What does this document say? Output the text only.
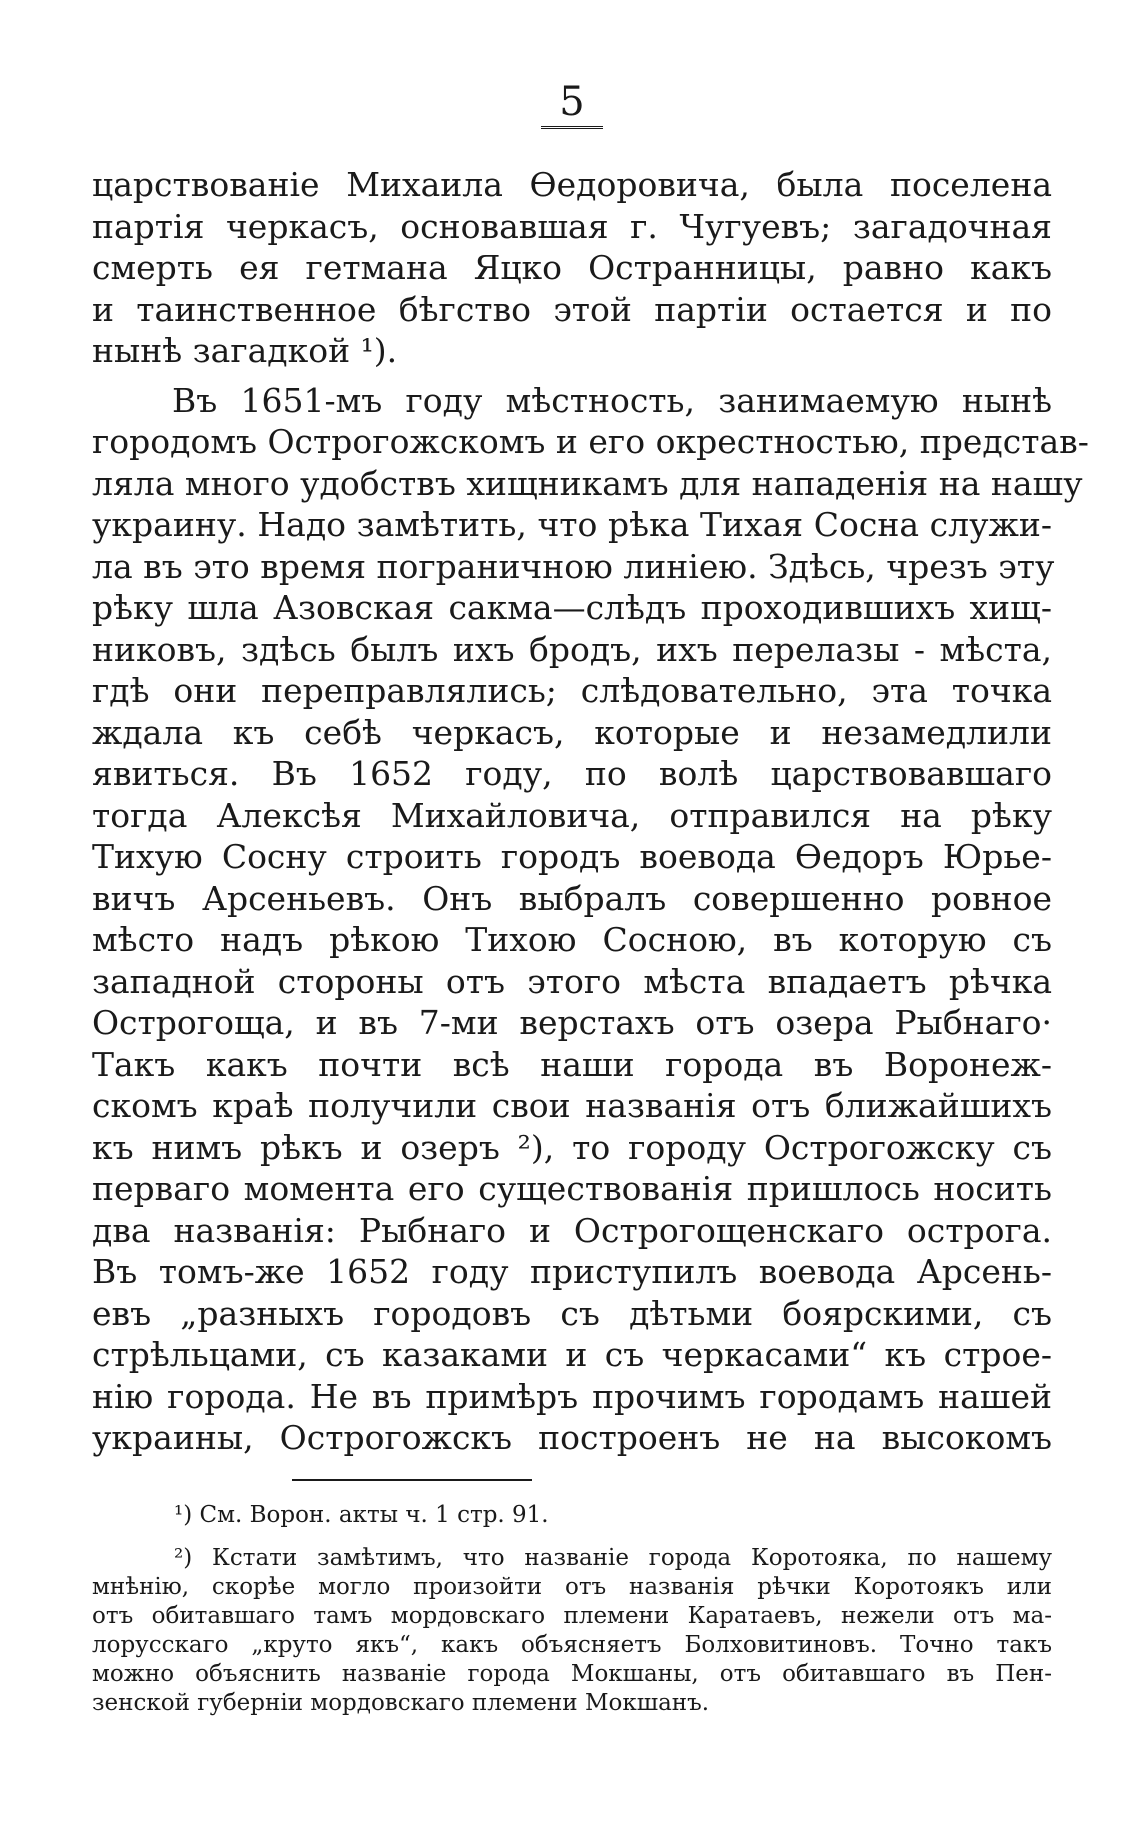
5
царствованіе Михаила Өедоровича, была поселена
партія черкасъ, основавшая г. Чугуевъ; загадочная
смерть ея гетмана Яцко Остранницы, равно какъ
и таинственное бѣгство этой партіи остается и по
нынѣ загадкой ¹).
Въ 1651-мъ году мѣстность, занимаемую нынѣ
городомъ Острогожскомъ и его окрестностью, представ-
ляла много удобствъ хищникамъ для нападенія на нашу
украину. Надо замѣтить, что рѣка Тихая Сосна служи-
ла въ это время пограничною линіею. Здѣсь, чрезъ эту
рѣку шла Азовская сакма—слѣдъ проходившихъ хищ-
никовъ, здѣсь былъ ихъ бродъ, ихъ перелазы - мѣста,
гдѣ они переправлялись; слѣдовательно, эта точка
ждала къ себѣ черкасъ, которые и незамедлили
явиться. Въ 1652 году, по волѣ царствовавшаго
тогда Алексѣя Михайловича, отправился на рѣку
Тихую Сосну строить городъ воевода Өедоръ Юрье-
вичъ Арсеньевъ. Онъ выбралъ совершенно ровное
мѣсто надъ рѣкою Тихою Сосною, въ которую съ
западной стороны отъ этого мѣста впадаетъ рѣчка
Острогоща, и въ 7-ми верстахъ отъ озера Рыбнаго·
Такъ какъ почти всѣ наши города въ Воронеж-
скомъ краѣ получили свои названія отъ ближайшихъ
къ нимъ рѣкъ и озеръ ²), то городу Острогожску съ
перваго момента его существованія пришлось носить
два названія: Рыбнаго и Острогощенскаго острога.
Въ томъ-же 1652 году приступилъ воевода Арсень-
евъ „разныхъ городовъ съ дѣтьми боярскими, съ
стрѣльцами, съ казаками и съ черкасами“ къ строе-
нію города. Не въ примѣръ прочимъ городамъ нашей
украины, Острогожскъ построенъ не на высокомъ
¹) См. Ворон. акты ч. 1 стр. 91.
²) Кстати замѣтимъ, что названіе города Коротояка, по нашему
мнѣнію, скорѣе могло произойти отъ названія рѣчки Коротоякъ или
отъ обитавшаго тамъ мордовскаго племени Каратаевъ, нежели отъ ма-
лорусскаго „круто якъ“, какъ объясняетъ Болховитиновъ. Точно такъ
можно объяснить названіе города Мокшаны, отъ обитавшаго въ Пен-
зенской губерніи мордовскаго племени Мокшанъ.
